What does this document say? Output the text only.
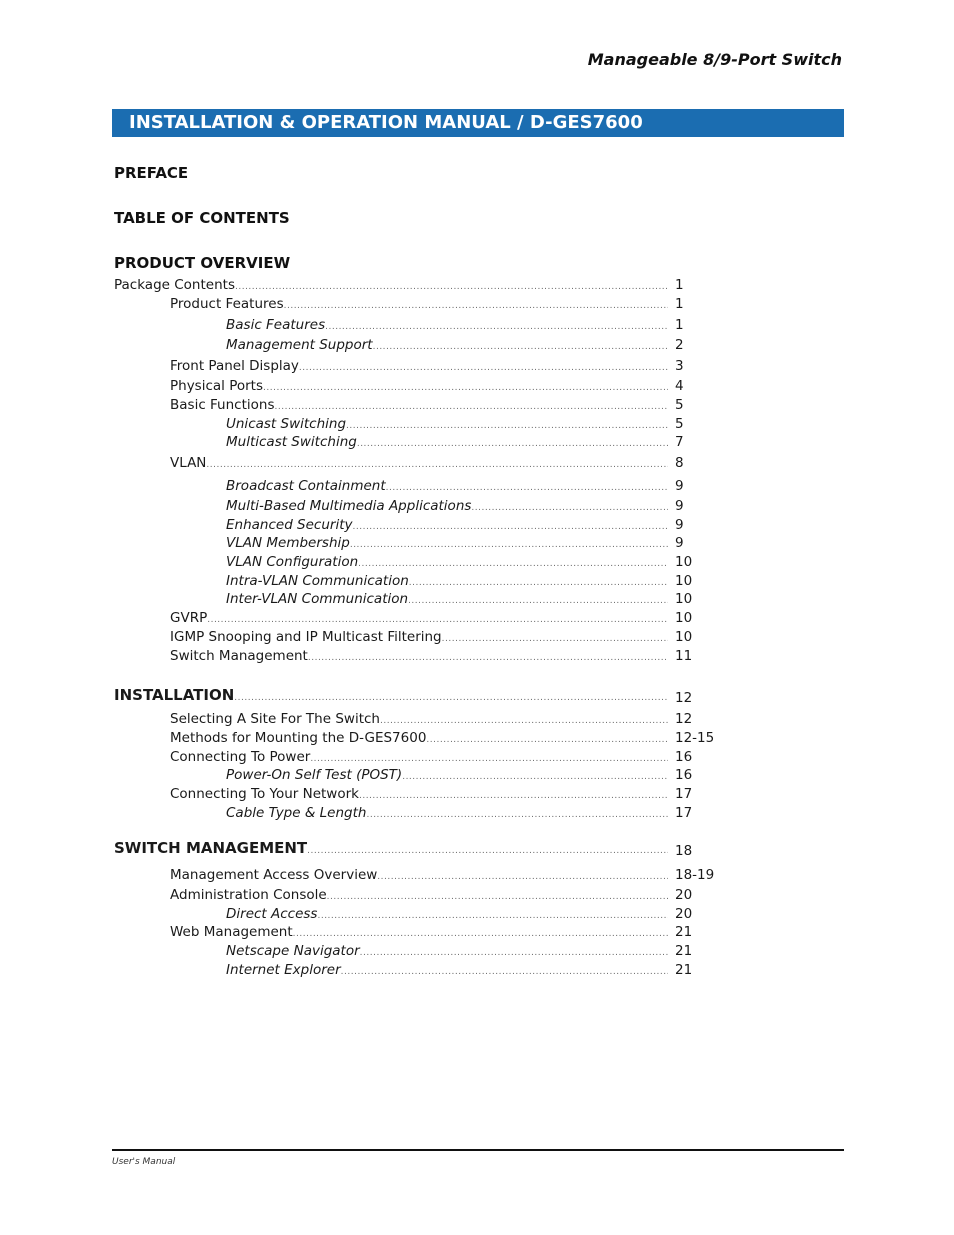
Manageable 8/9-Port Switch
INSTALLATION & OPERATION MANUAL / D-GES7600
PREFACE
TABLE OF CONTENTS
PRODUCT OVERVIEW
Package Contents .....	1
Product Features .....	1
Basic Features .....	1
Management Support .....	2
Front Panel Display .....	3
Physical Ports .....	4
Basic Functions .....	5
Unicast Switching .....	5
Multicast Switching .....	7
VLAN .....	8
Broadcast Containment .....	9
Multi-Based Multimedia Applications .....	9
Enhanced Security .....	9
VLAN Membership .....	9
VLAN Configuration .....	10
Intra-VLAN Communication .....	10
Inter-VLAN Communication .....	10
GVRP .....	10
IGMP Snooping and IP Multicast Filtering .....	10
Switch Management .....	11
INSTALLATION .....	12
Selecting A Site For The Switch .....	12
Methods for Mounting the D-GES7600 .....	12-15
Connecting To Power .....	16
Power-On Self Test (POST) .....	16
Connecting To Your Network .....	17
Cable Type & Length .....	17
SWITCH MANAGEMENT .....	18
Management Access Overview .....	18-19
Administration Console .....	20
Direct Access .....	20
Web Management .....	21
Netscape Navigator .....	21
Internet Explorer .....	21
User's Manual
